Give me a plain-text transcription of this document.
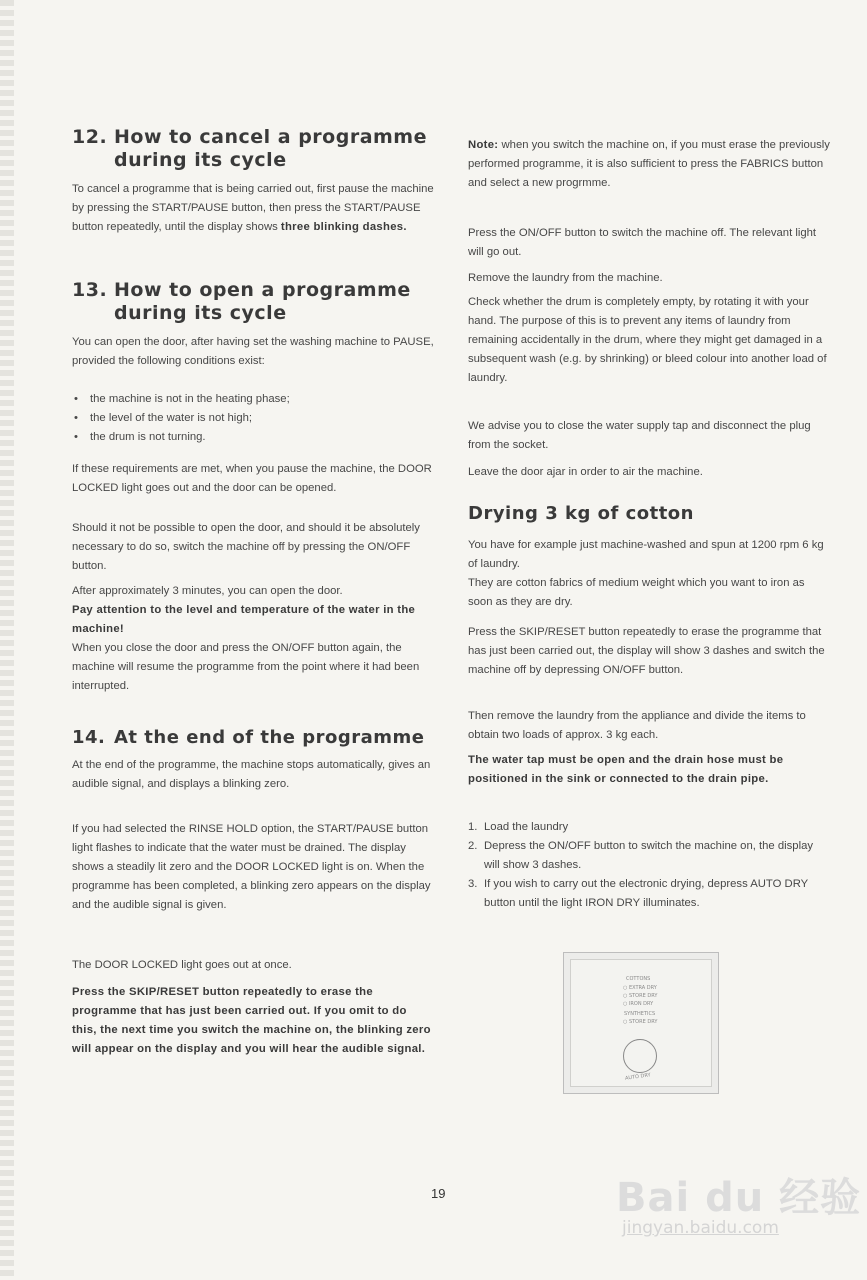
12. How to cancel a programme
during its cycle

To cancel a programme that is being carried out, first pause the machine by pressing the START/PAUSE button, then press the START/PAUSE button repeatedly, until the display shows three blinking dashes.

13. How to open a programme
during its cycle

You can open the door, after having set the washing machine to PAUSE, provided the following conditions exist:

• the machine is not in the heating phase;
• the level of the water is not high;
• the drum is not turning.

If these requirements are met, when you pause the machine, the DOOR LOCKED light goes out and the door can be opened.

Should it not be possible to open the door, and should it be absolutely necessary to do so, switch the machine off by pressing the ON/OFF button.

After approximately 3 minutes, you can open the door.
Pay attention to the level and temperature of the water in the machine!

When you close the door and press the ON/OFF button again, the machine will resume the programme from the point where it had been interrupted.

14. At the end of the programme

At the end of the programme, the machine stops automatically, gives an audible signal, and displays a blinking zero.

If you had selected the RINSE HOLD option, the START/PAUSE button light flashes to indicate that the water must be drained. The display shows a steadily lit zero and the DOOR LOCKED light is on. When the programme has been completed, a blinking zero appears on the display and the audible signal is given.

The DOOR LOCKED light goes out at once.

Press the SKIP/RESET button repeatedly to erase the programme that has just been carried out. If you omit to do this, the next time you switch the machine on, the blinking zero will appear on the display and you will hear the audible signal.

Note: when you switch the machine on, if you must erase the previously performed programme, it is also sufficient to press the FABRICS button and select a new progrmme.

Press the ON/OFF button to switch the machine off. The relevant light will go out.

Remove the laundry from the machine.

Check whether the drum is completely empty, by rotating it with your hand. The purpose of this is to prevent any items of laundry from remaining accidentally in the drum, where they might get damaged in a subsequent wash (e.g. by shrinking) or bleed colour into another load of laundry.

We advise you to close the water supply tap and disconnect the plug from the socket.

Leave the door ajar in order to air the machine.

Drying 3 kg of cotton

You have for example just machine-washed and spun at 1200 rpm 6 kg of laundry.

They are cotton fabrics of medium weight which you want to iron as soon as they are dry.

Press the SKIP/RESET button repeatedly to erase the programme that has just been carried out, the display will show 3 dashes and switch the machine off by depressing ON/OFF button.

Then remove the laundry from the appliance and divide the items to obtain two loads of approx. 3 kg each.

The water tap must be open and the drain hose must be positioned in the sink or connected to the drain pipe.

1. Load the laundry
2. Depress the ON/OFF button to switch the machine on, the display will show 3 dashes.
3. If you wish to carry out the electronic drying, depress AUTO DRY button until the light IRON DRY illuminates.
COTTONS
○ EXTRA DRY
○ STORE DRY
○ IRON DRY
SYNTHETICS
○ STORE DRY
AUTO DRY
19	Bai du 经验
jingyan.baidu.com
